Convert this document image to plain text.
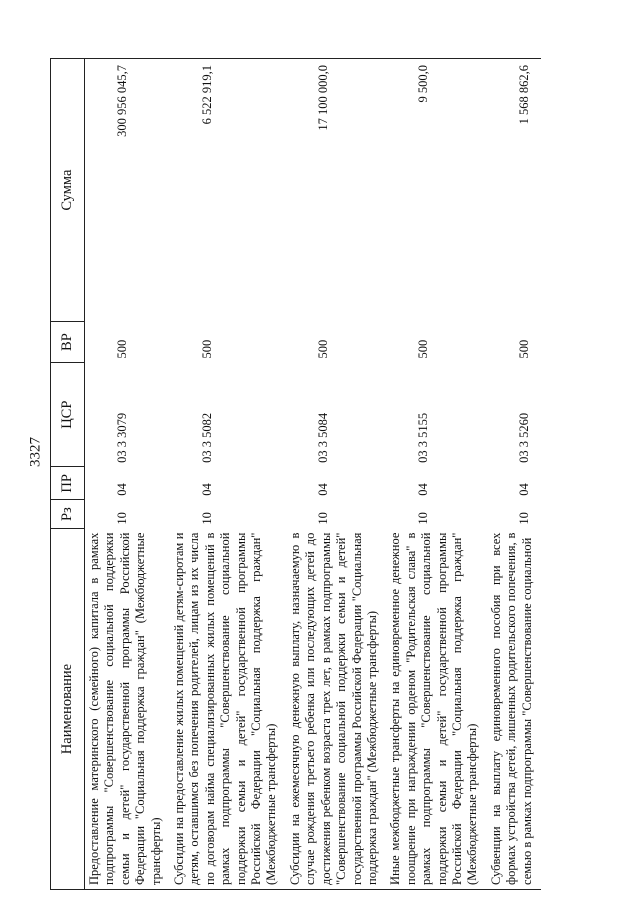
3327
Наименование	Рз	ПР	ЦСР	ВР	Сумма
Предоставление материнского (семейного) капитала в рамках подпрограммы "Совершенствование социальной поддержки семьи и детей" государственной программы Российской Федерации "Социальная поддержка граждан" (Межбюджетные трансферты)	10	04	03 3 3079	500	300 956 045,7
Субсидии на предоставление жилых помещений детям-сиротам и детям, оставшимся без попечения родителей, лицам из их числа по договорам найма специализированных жилых помещений в рамках подпрограммы "Совершенствование социальной поддержки семьи и детей" государственной программы Российской Федерации "Социальная поддержка граждан" (Межбюджетные трансферты)	10	04	03 3 5082	500	6 522 919,1
Субсидии на ежемесячную денежную выплату, назначаемую в случае рождения третьего ребенка или последующих детей до достижения ребенком возраста трех лет, в рамках подпрограммы "Совершенствование социальной поддержки семьи и детей" государственной программы Российской Федерации "Социальная поддержка граждан" (Межбюджетные трансферты)	10	04	03 3 5084	500	17 100 000,0
Иные межбюджетные трансферты на единовременное денежное поощрение при награждении орденом "Родительская слава" в рамках подпрограммы "Совершенствование социальной поддержки семьи и детей" государственной программы Российской Федерации "Социальная поддержка граждан" (Межбюджетные трансферты)	10	04	03 3 5155	500	9 500,0
Субвенции на выплату единовременного пособия при всех формах устройства детей, лишенных родительского попечения, в семью в рамках подпрограммы "Совершенствование социальной	10	04	03 3 5260	500	1 568 862,6
